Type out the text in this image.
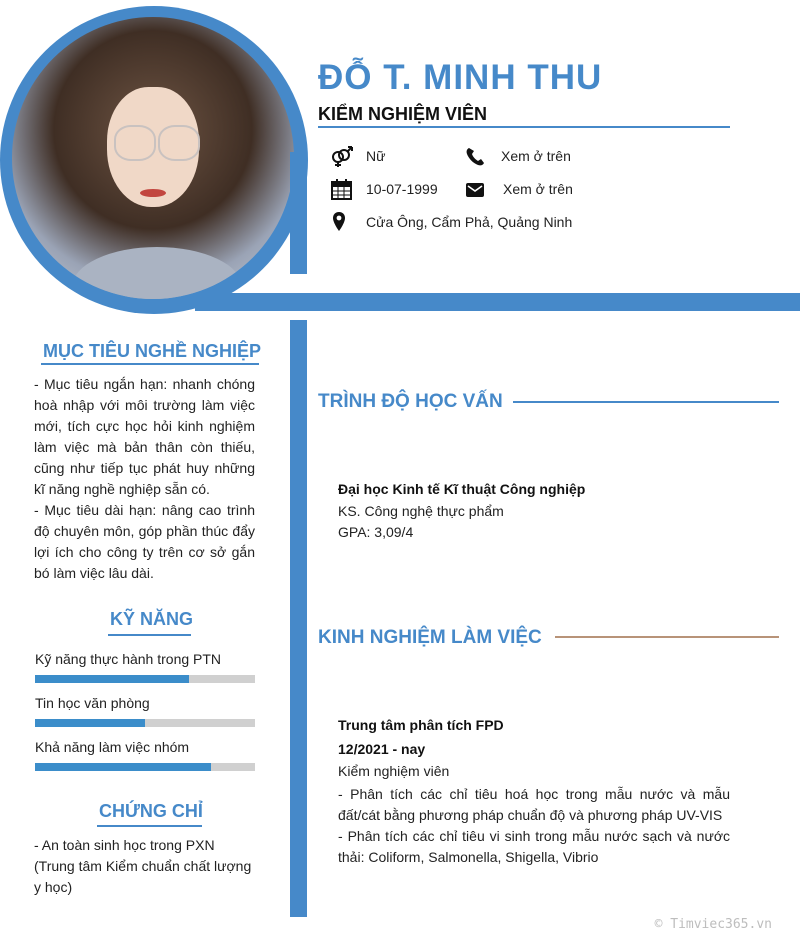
ĐỖ T. MINH THU
KIỂM NGHIỆM VIÊN
Nữ	Xem ở trên
10-07-1999	Xem ở trên
Cửa Ông, Cẩm Phả, Quảng Ninh
MỤC TIÊU NGHỀ NGHIỆP

- Mục tiêu ngắn hạn: nhanh chóng hoà nhập với môi trường làm việc mới, tích cực học hỏi kinh nghiệm làm việc mà bản thân còn thiếu, cũng như tiếp tục phát huy những kĩ năng nghề nghiệp sẵn có.
- Mục tiêu dài hạn: nâng cao trình độ chuyên môn, góp phần thúc đẩy lợi ích cho công ty trên cơ sở gắn bó làm việc lâu dài.

KỸ NĂNG
Kỹ năng thực hành trong PTN
Tin học văn phòng
Khả năng làm việc nhóm
CHỨNG CHỈ

- An toàn sinh học trong PXN (Trung tâm Kiểm chuẩn chất lượng y học)

TRÌNH ĐỘ HỌC VẤN
Đại học Kinh tế Kĩ thuật Công nghiệp
KS. Công nghệ thực phẩm
GPA: 3,09/4
KINH NGHIỆM LÀM VIỆC
Trung tâm phân tích FPD
12/2021 - nay
Kiểm nghiệm viên

- Phân tích các chỉ tiêu hoá học trong mẫu nước và mẫu đất/cát bằng phương pháp chuẩn độ và phương pháp UV-VIS
- Phân tích các chỉ tiêu vi sinh trong mẫu nước sạch và nước thải: Coliform, Salmonella, Shigella, Vibrio

© Timviec365.vn
